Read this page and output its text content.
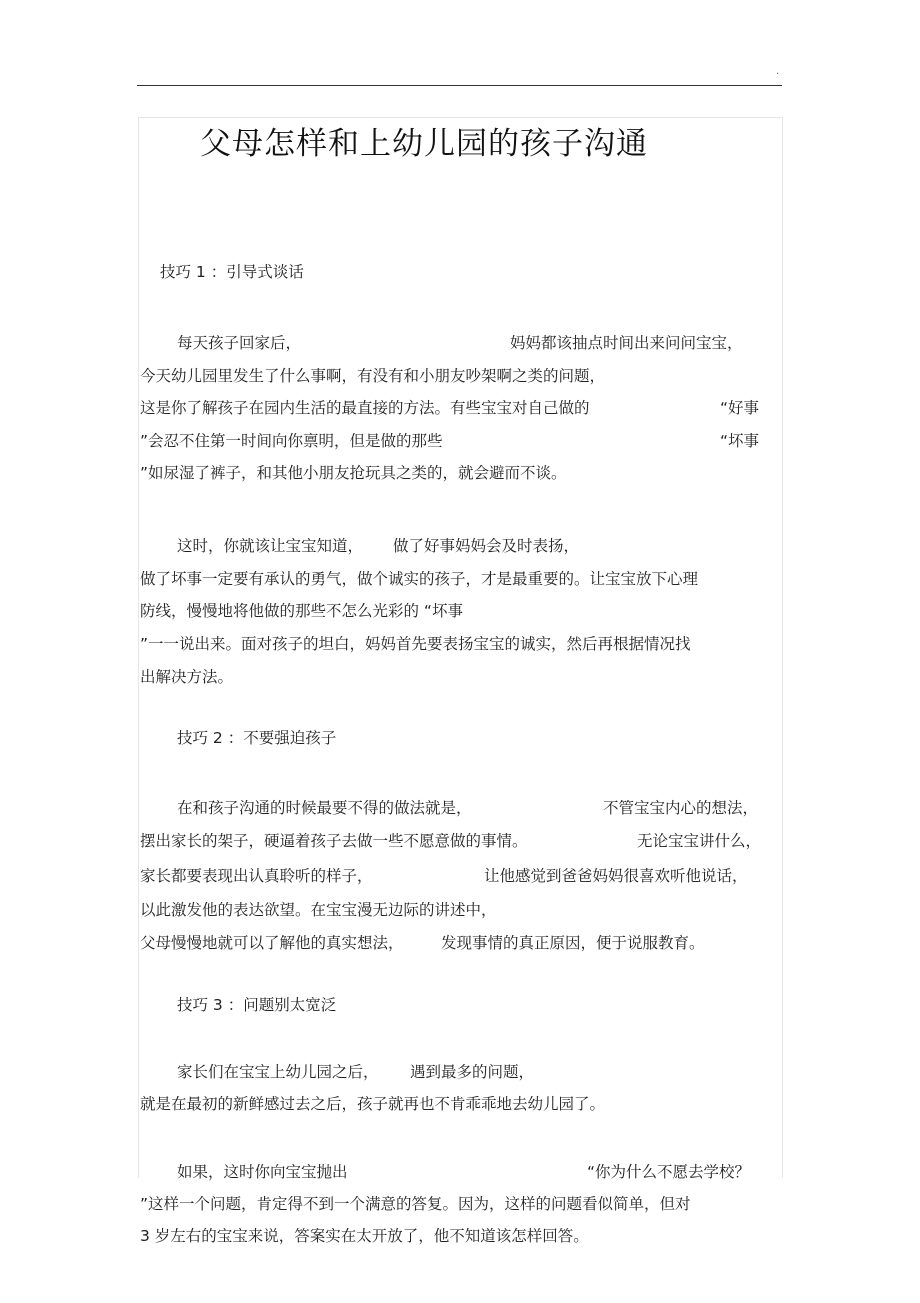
.
父母怎样和上幼儿园的孩子沟通
技巧 1 ：引导式谈话
每天孩子回家后，	妈妈都该抽点时间出来问问宝宝，
今天幼儿园里发生了什么事啊，有没有和小朋友吵架啊之类的问题，
这是你了解孩子在园内生活的最直接的方法。有些宝宝对自己做的	“好事
”会忍不住第一时间向你禀明，但是做的那些	“坏事
”如尿湿了裤子，和其他小朋友抢玩具之类的，就会避而不谈。
这时，你就该让宝宝知道， 做了好事妈妈会及时表扬，
做了坏事一定要有承认的勇气，做个诚实的孩子，才是最重要的。让宝宝放下心理
防线，慢慢地将他做的那些不怎么光彩的 “坏事
”一一说出来。面对孩子的坦白，妈妈首先要表扬宝宝的诚实，然后再根据情况找
出解决方法。
技巧 2 ：不要强迫孩子
在和孩子沟通的时候最要不得的做法就是，	不管宝宝内心的想法，
摆出家长的架子，硬逼着孩子去做一些不愿意做的事情。	无论宝宝讲什么，
家长都要表现出认真聆听的样子，	让他感觉到爸爸妈妈很喜欢听他说话，
以此激发他的表达欲望。在宝宝漫无边际的讲述中，
父母慢慢地就可以了解他的真实想法， 发现事情的真正原因，便于说服教育。
技巧 3 ：问题别太宽泛
家长们在宝宝上幼儿园之后， 遇到最多的问题，
就是在最初的新鲜感过去之后，孩子就再也不肯乖乖地去幼儿园了。
如果，这时你向宝宝抛出	“你为什么不愿去学校？
”这样一个问题，肯定得不到一个满意的答复。因为，这样的问题看似简单，但对
3 岁左右的宝宝来说，答案实在太开放了，他不知道该怎样回答。
